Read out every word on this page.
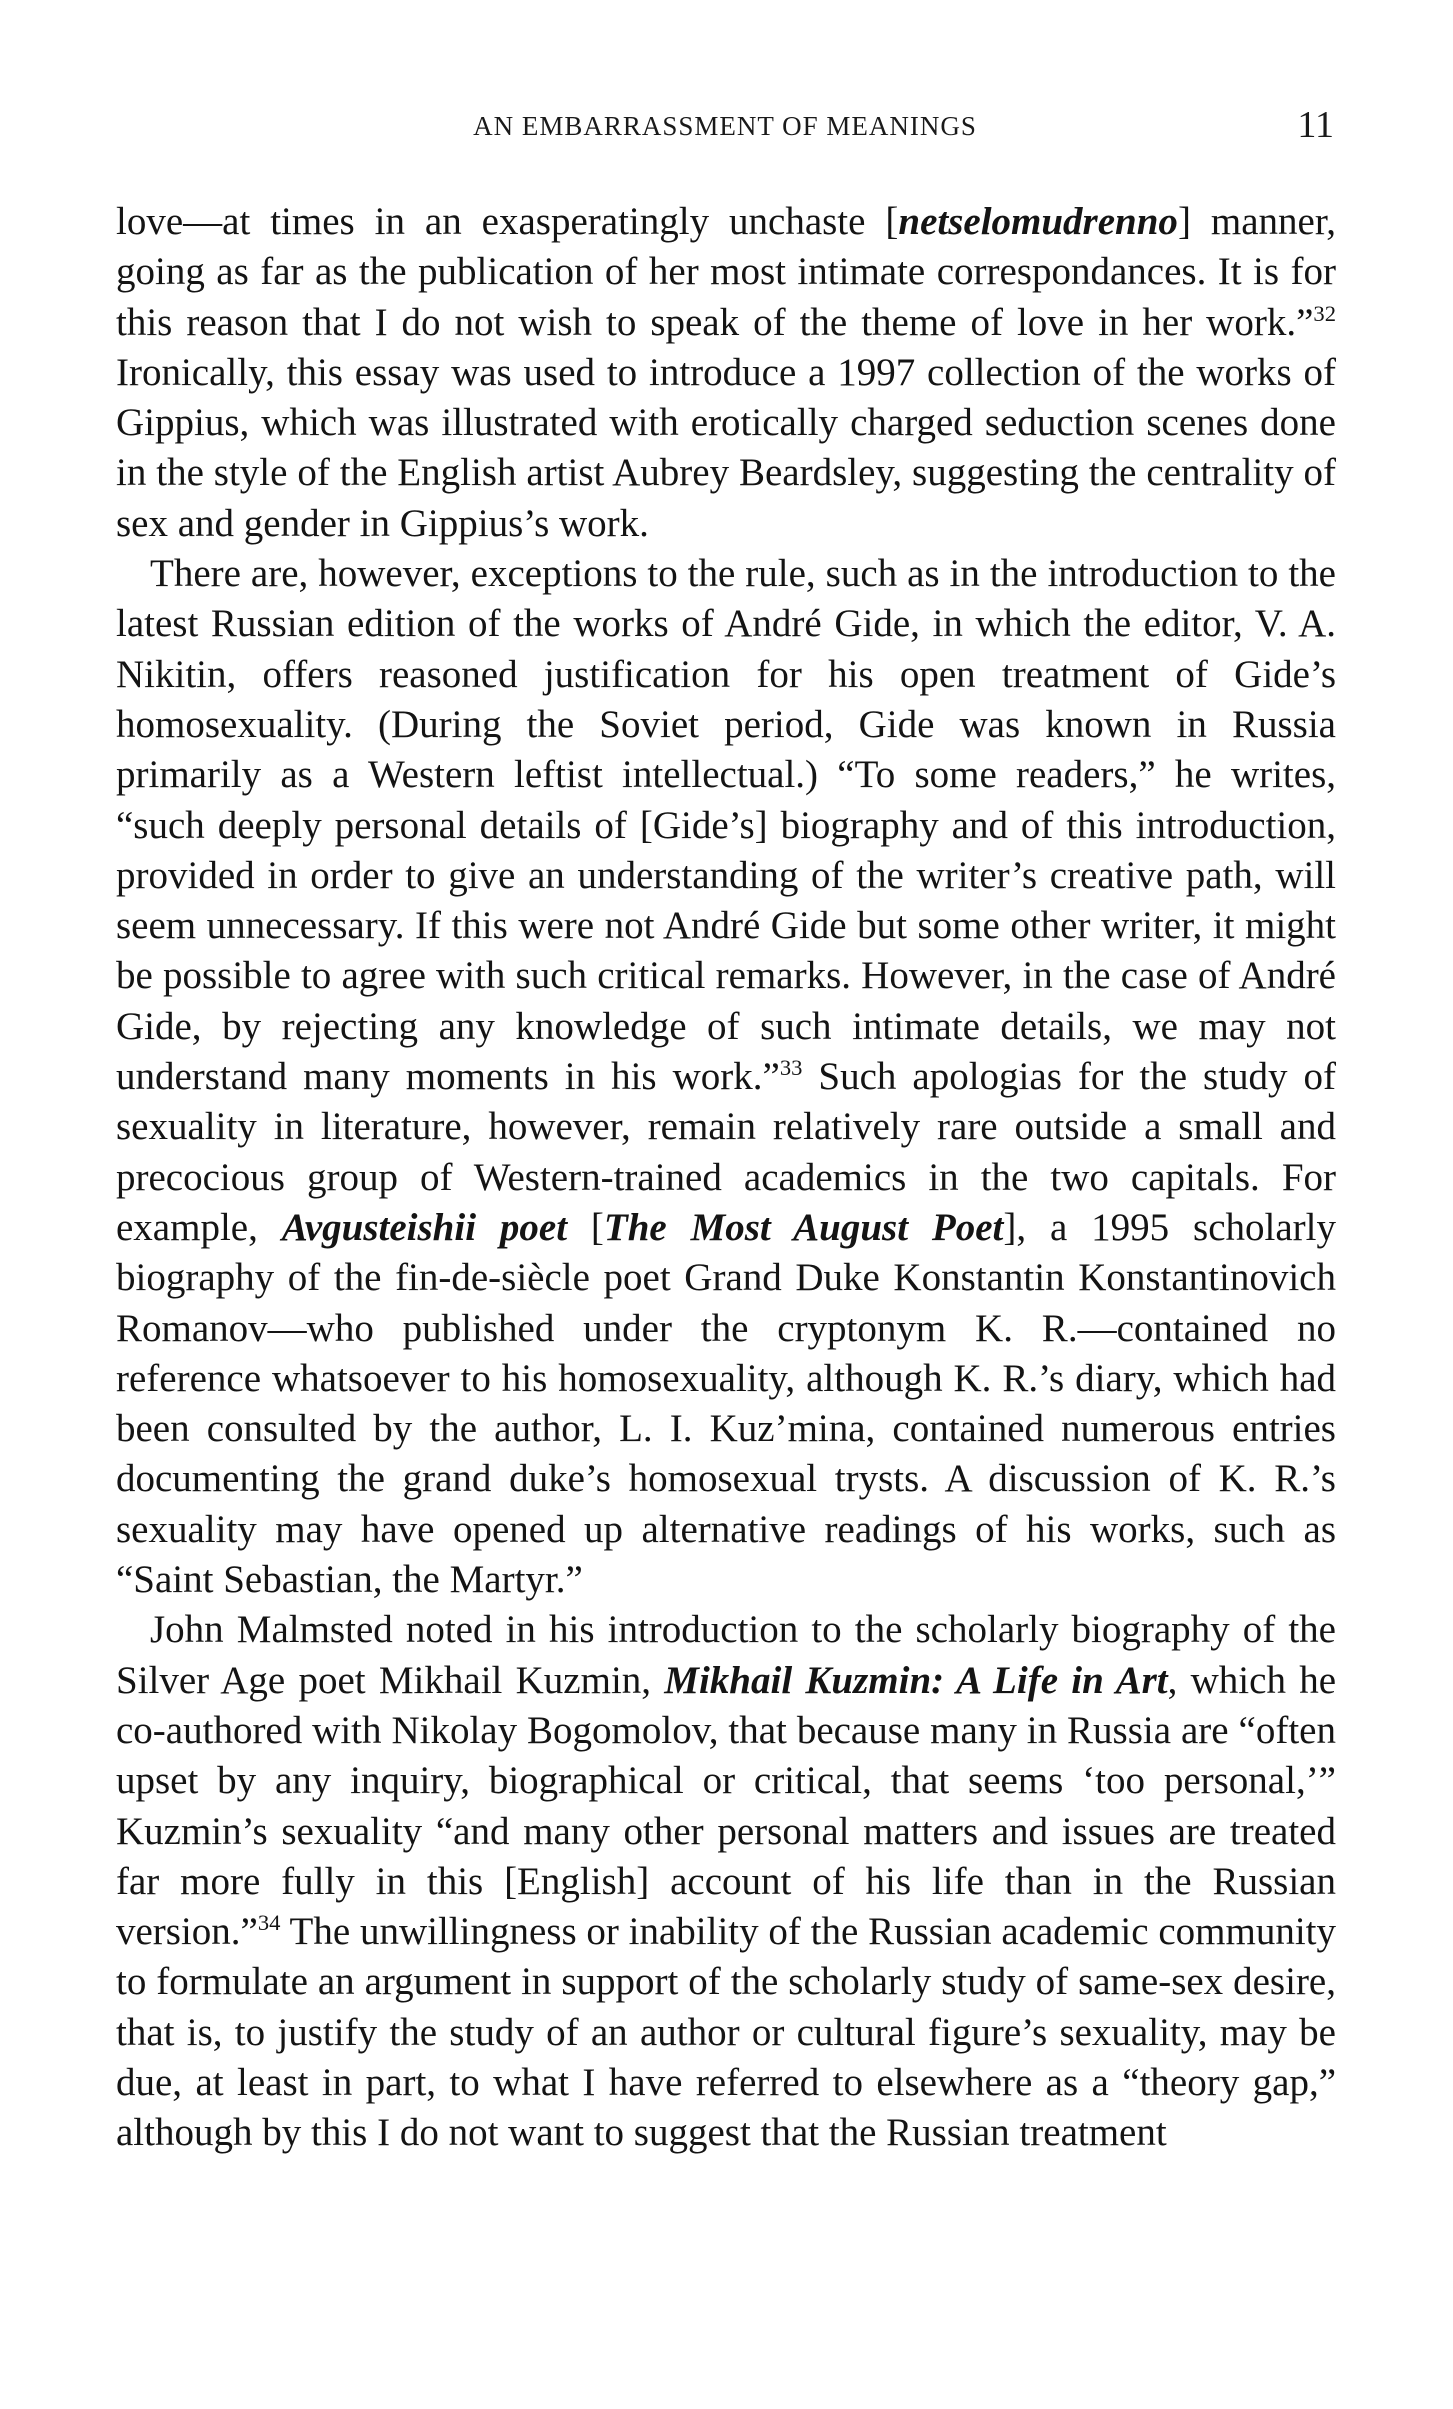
AN EMBARRASSMENT OF MEANINGS	11

love—at times in an exasperatingly unchaste [netselomudrenno] manner, going as far as the publication of her most intimate correspondances. It is for this reason that I do not wish to speak of the theme of love in her work.”$^{32}$ Ironically, this essay was used to introduce a 1997 collection of the works of Gippius, which was illustrated with erotically charged seduction scenes done in the style of the English artist Aubrey Beardsley, suggesting the centrality of sex and gender in Gippius’s work.

There are, however, exceptions to the rule, such as in the introduction to the latest Russian edition of the works of André Gide, in which the editor, V. A. Nikitin, offers reasoned justification for his open treatment of Gide’s homosexuality. (During the Soviet period, Gide was known in Russia primarily as a Western leftist intellectual.) “To some readers,” he writes, “such deeply personal details of [Gide’s] biography and of this introduction, provided in order to give an understanding of the writer’s creative path, will seem unnecessary. If this were not André Gide but some other writer, it might be possible to agree with such critical remarks. However, in the case of André Gide, by rejecting any knowledge of such intimate details, we may not understand many moments in his work.”$^{33}$ Such apologias for the study of sexuality in literature, however, remain relatively rare outside a small and precocious group of Western-trained academics in the two capitals. For example, Avgusteishii poet [The Most August Poet], a 1995 scholarly biography of the fin-de-siècle poet Grand Duke Konstantin Konstantinovich Romanov—who published under the cryptonym K. R.—contained no reference whatsoever to his homosexuality, although K. R.’s diary, which had been consulted by the author, L. I. Kuz’mina, contained numerous entries documenting the grand duke’s homosexual trysts. A discussion of K. R.’s sexuality may have opened up alternative readings of his works, such as “Saint Sebastian, the Martyr.”

John Malmsted noted in his introduction to the scholarly biography of the Silver Age poet Mikhail Kuzmin, Mikhail Kuzmin: A Life in Art, which he co-authored with Nikolay Bogomolov, that because many in Russia are “often upset by any inquiry, biographical or critical, that seems ‘too personal,’” Kuzmin’s sexuality “and many other personal matters and issues are treated far more fully in this [English] account of his life than in the Russian version.”$^{34}$ The unwillingness or inability of the Russian academic community to formulate an argument in support of the scholarly study of same-sex desire, that is, to justify the study of an author or cultural figure’s sexuality, may be due, at least in part, to what I have referred to elsewhere as a “theory gap,” although by this I do not want to suggest that the Russian treatment
